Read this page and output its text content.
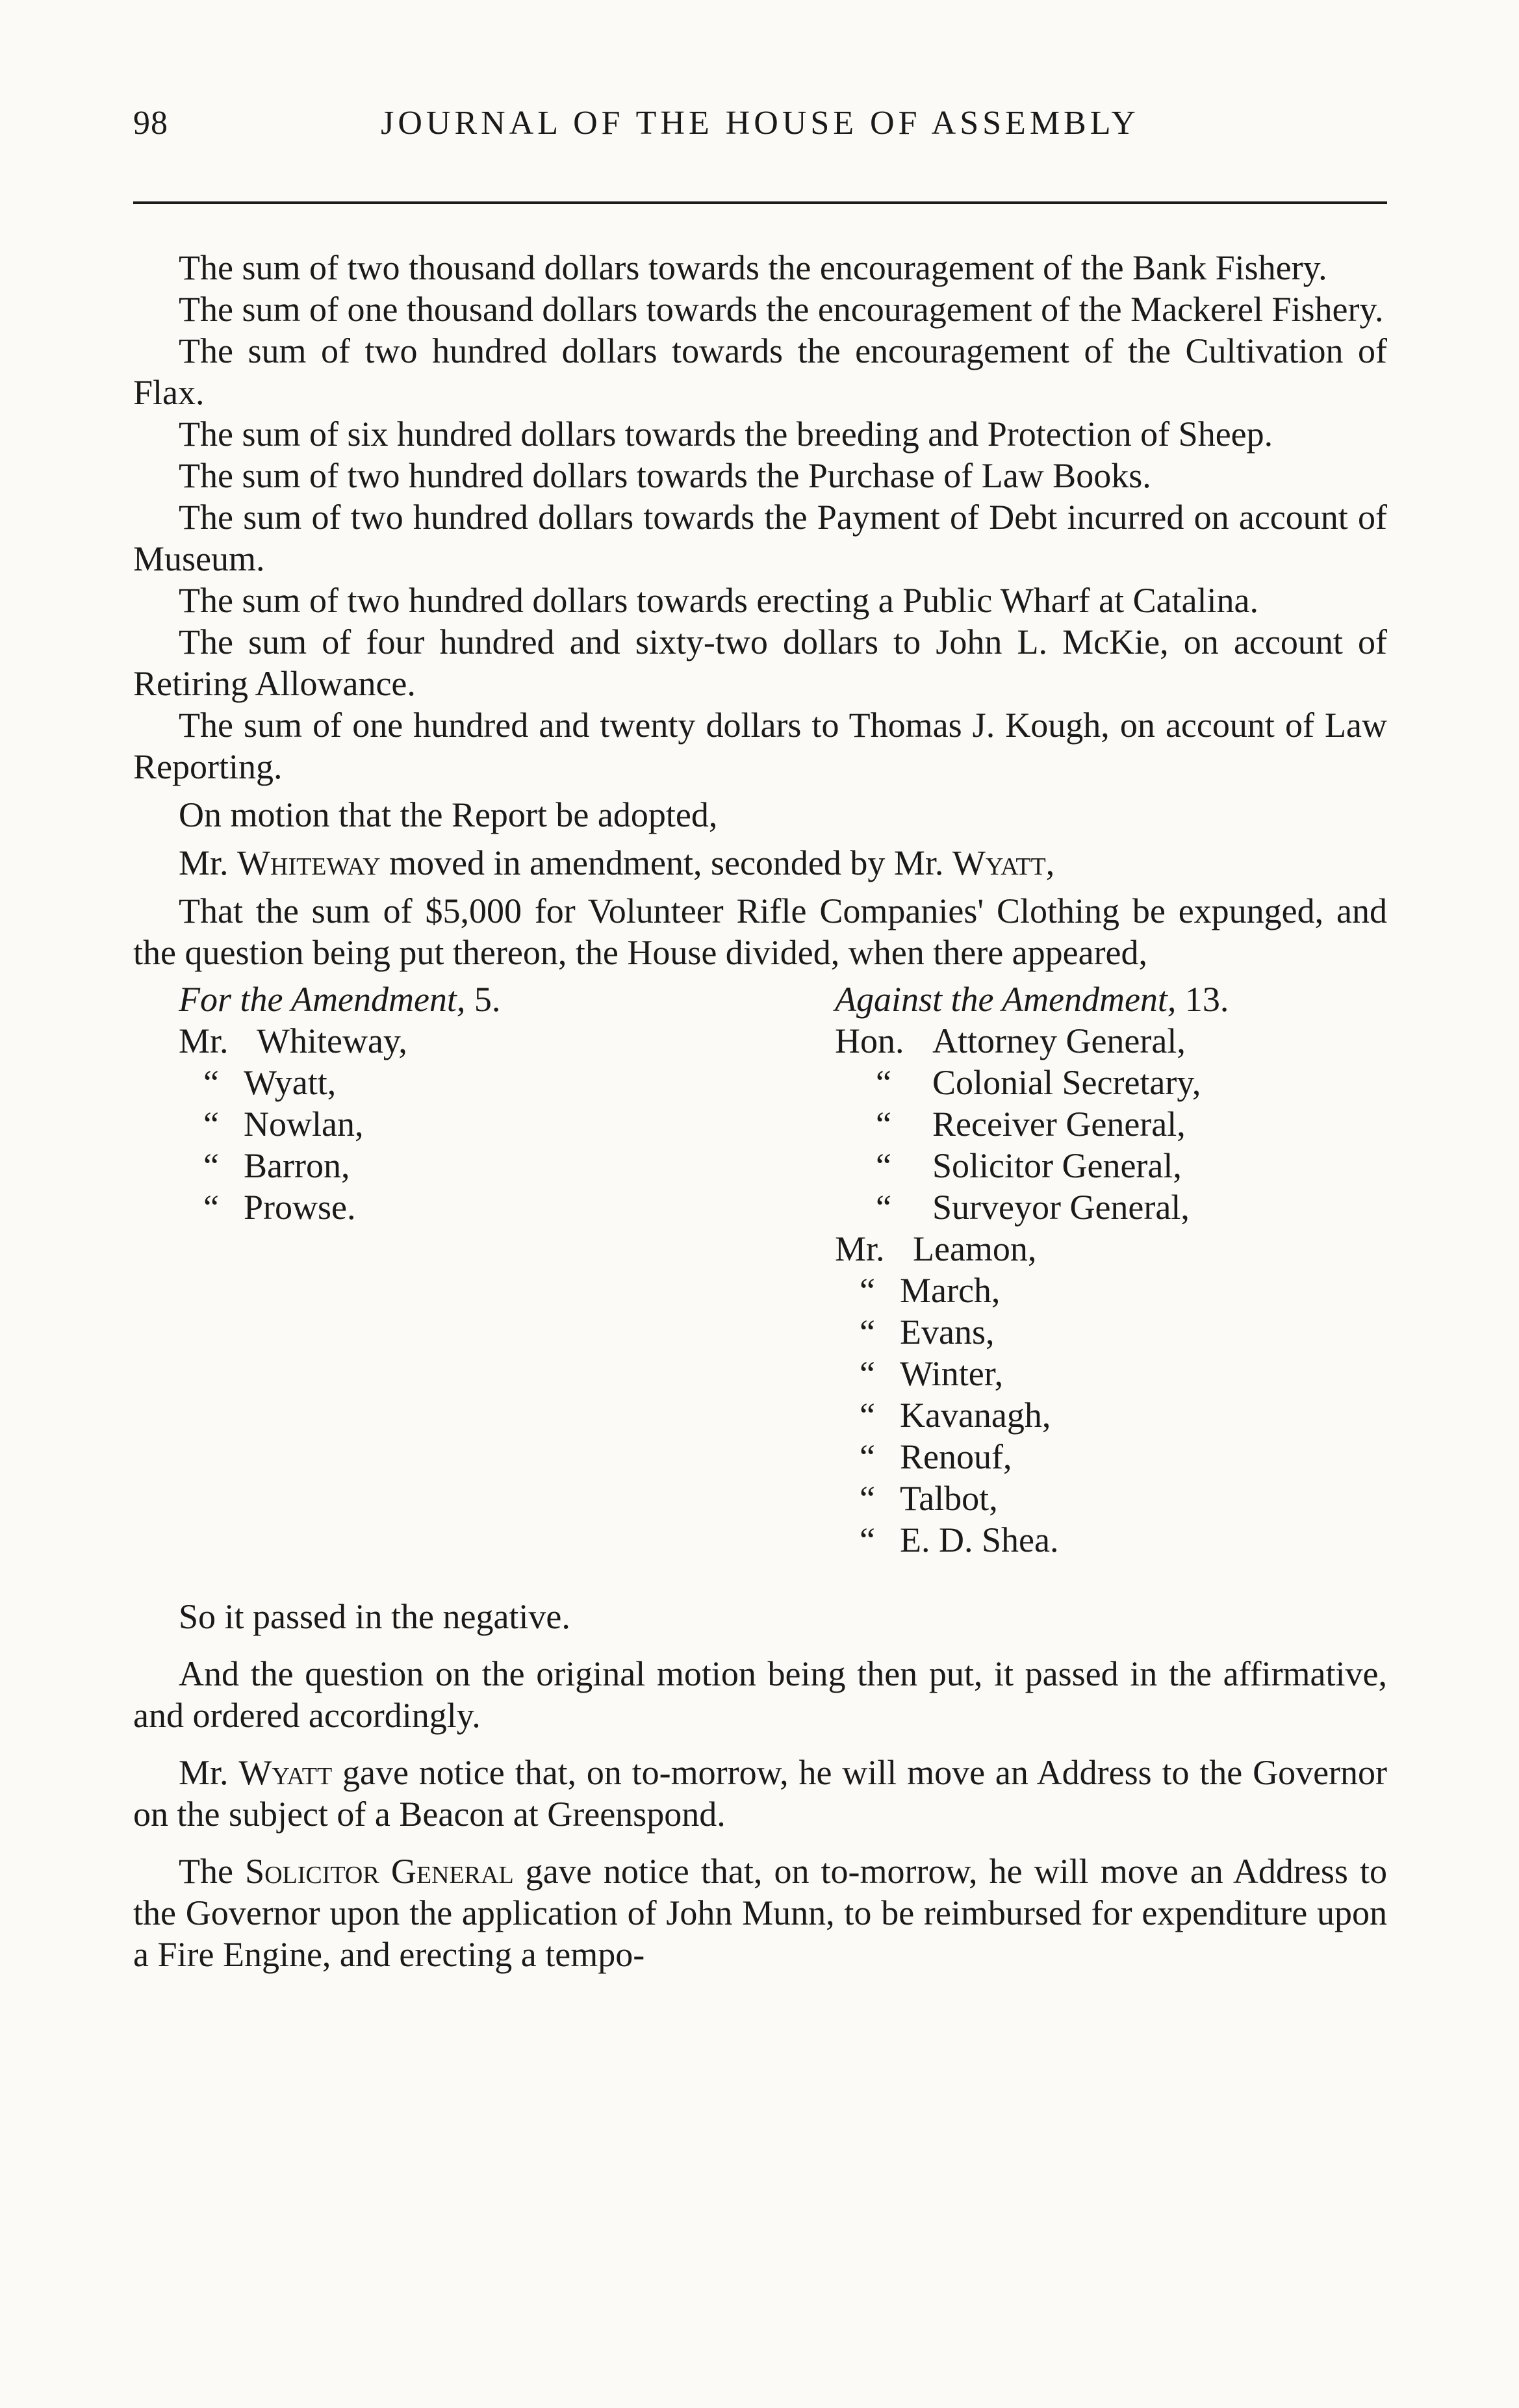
98	JOURNAL OF THE HOUSE OF ASSEMBLY

The sum of two thousand dollars towards the encouragement of the Bank Fishery.

The sum of one thousand dollars towards the encouragement of the Mackerel Fishery.

The sum of two hundred dollars towards the encouragement of the Cultivation of Flax.

The sum of six hundred dollars towards the breeding and Protection of Sheep.

The sum of two hundred dollars towards the Purchase of Law Books.

The sum of two hundred dollars towards the Payment of Debt incurred on account of Museum.

The sum of two hundred dollars towards erecting a Public Wharf at Catalina.

The sum of four hundred and sixty-two dollars to John L. McKie, on account of Retiring Allowance.

The sum of one hundred and twenty dollars to Thomas J. Kough, on account of Law Reporting.

On motion that the Report be adopted,

Mr. Whiteway moved in amendment, seconded by Mr. Wyatt,

That the sum of $5,000 for Volunteer Rifle Companies' Clothing be expunged, and the question being put thereon, the House divided, when there appeared,

For the Amendment, 5.
Mr. Whiteway,
“ Wyatt,
“ Nowlan,
“ Barron,
“ Prowse.
Against the Amendment, 13.
Hon. Attorney General,
“ Colonial Secretary,
“ Receiver General,
“ Solicitor General,
“ Surveyor General,
Mr. Leamon,
“ March,
“ Evans,
“ Winter,
“ Kavanagh,
“ Renouf,
“ Talbot,
“ E. D. Shea.

So it passed in the negative.

And the question on the original motion being then put, it passed in the affirmative, and ordered accordingly.

Mr. Wyatt gave notice that, on to-morrow, he will move an Address to the Governor on the subject of a Beacon at Greenspond.

The Solicitor General gave notice that, on to-morrow, he will move an Address to the Governor upon the application of John Munn, to be reimbursed for expenditure upon a Fire Engine, and erecting a tempo-
